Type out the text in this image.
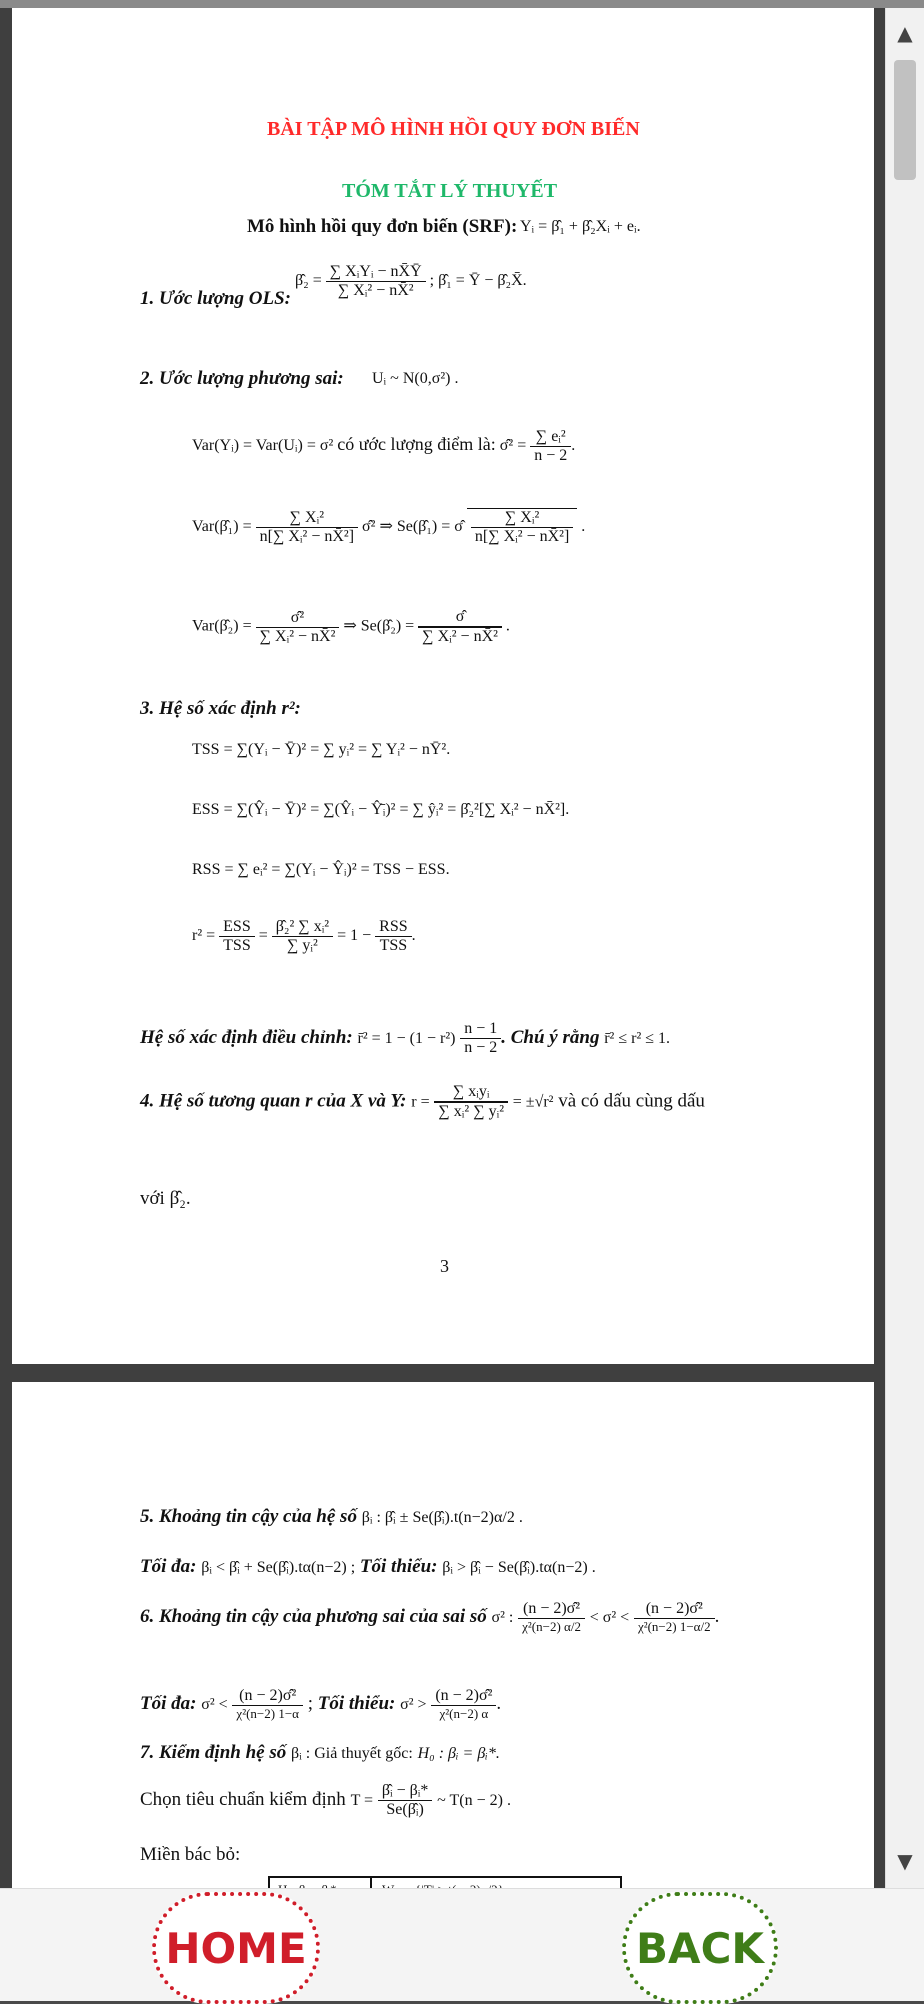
BÀI TẬP MÔ HÌNH HỒI QUY ĐƠN BIẾN
TÓM TẮT LÝ THUYẾT
Mô hình hồi quy đơn biến (SRF): Yᵢ = β̂₁ + β̂₂Xᵢ + eᵢ.
1. Ước lượng OLS:
β̂₂ = $\frac{\text{∑ XᵢYᵢ − nX̄Ȳ}}{\text{∑ Xᵢ² − nX̄²}}$ ; β̂₁ = Ȳ − β̂₂X̄.
2. Ước lượng phương sai: Uᵢ ~ N(0,σ²) .
Var(Yᵢ) = Var(Uᵢ) = σ² có ước lượng điểm là: σ̂² = $\frac{\text{∑ eᵢ²}}{n - 2}$ .
Var(β̂₁) = $\frac{\text{∑ Xᵢ²}}{\text{n[∑ Xᵢ² − nX̄²]}}$ σ̂² ⇒ Se(β̂₁) = σ̂ $\frac{\text{∑ Xᵢ²}}{\text{n[∑ Xᵢ² − nX̄²]}}$ .
Var(β̂₂) = $\frac{\text{σ̂²}}{\text{∑ Xᵢ² − nX̄²}}$ ⇒ Se(β̂₂) = $\frac{\sigmâ}{\text{∑ Xᵢ² − nX̄²}}$ .
3. Hệ số xác định r²:
TSS = ∑(Yᵢ − Ȳ)² = ∑ yᵢ² = ∑ Yᵢ² − nȲ².
ESS = ∑(Ŷᵢ − Ȳ)² = ∑(Ŷᵢ − Ŷ̄ᵢ)² = ∑ ŷᵢ² = β̂₂²[∑ Xᵢ² − nX̄²].
RSS = ∑ eᵢ² = ∑(Yᵢ − Ŷᵢ)² = TSS − ESS.
$r^2 = \frac{\text{ESS}}{\text{TSS}} = \frac{\text{β̂₂² ∑ xᵢ²}}{\text{∑ yᵢ²}} = 1 - \frac{\text{RSS}}{\text{TSS}}$ .
Hệ số xác định điều chỉnh: r̄² = $1 - (1 - r^2) \frac{n - 1}{n - 2}$ . Chú ý rằng r̄² ≤ r² ≤ 1.
4. Hệ số tương quan r của X và Y: $r = \frac{\text{∑ xᵢyᵢ}}{\text{∑ xᵢ² ∑ yᵢ²}} = \pm√r^2$ và có dấu cùng dấu
với β̂₂.
3
5. Khoảng tin cậy của hệ số βᵢ : β̂ᵢ ± Se(β̂ᵢ).t(n−2)α/2 .
Tối đa: βᵢ < β̂ᵢ + Se(β̂ᵢ).tα(n−2) ; Tối thiểu: βᵢ > β̂ᵢ − Se(β̂ᵢ).tα(n−2) .
6. Khoảng tin cậy của phương sai của sai số σ² : $\frac{\text{(n − 2)σ̂²}}{\text{χ²(n−2) α/2}} < \sigma^2 < \frac{\text{(n − 2)σ̂²}}{\text{χ²(n−2) 1−α/2}}$ .
Tối đa: $\sigma^2 < \frac{\text{(n − 2)σ̂²}}{\text{χ²(n−2) 1−α}}$ ; Tối thiểu: $\sigma^2 > \frac{\text{(n − 2)σ̂²}}{\text{χ²(n−2) α}}$ .
7. Kiểm định hệ số βᵢ : Giả thuyết gốc: H₀ : βᵢ = βᵢ*.
Chọn tiêu chuẩn kiểm định $T = \frac{\text{β̂ᵢ − βᵢ*}}{\text{Se(β̂ᵢ)}}$ ~ T(n − 2) .
Miền bác bỏ:
▲
▼
HOME	BACK
